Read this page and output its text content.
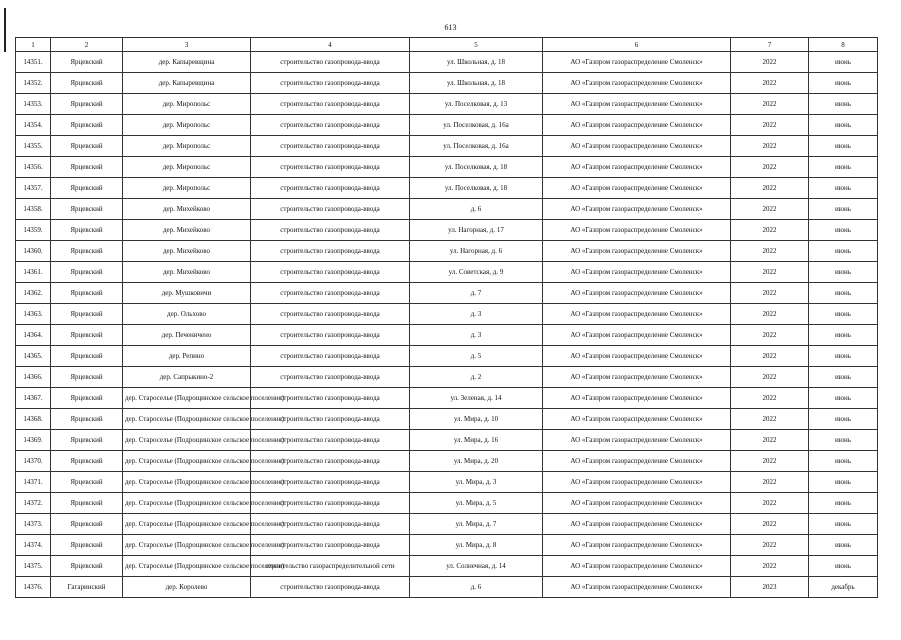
613
1	2	3	4	5	6	7	8
14351.	Ярцевский	дер. Капыревщина	строительство газопровода-ввода	ул. Школьная, д. 18	АО «Газпром газораспределение Смоленск»	2022	июнь
14352.	Ярцевский	дер. Капыревщина	строительство газопровода-ввода	ул. Школьная, д. 18	АО «Газпром газораспределение Смоленск»	2022	июнь
14353.	Ярцевский	дер. Миропольс	строительство газопровода-ввода	ул. Поселковая, д. 13	АО «Газпром газораспределение Смоленск»	2022	июнь
14354.	Ярцевский	дер. Миропольс	строительство газопровода-ввода	ул. Поселковая, д. 16а	АО «Газпром газораспределение Смоленск»	2022	июнь
14355.	Ярцевский	дер. Миропольс	строительство газопровода-ввода	ул. Поселковая, д. 16а	АО «Газпром газораспределение Смоленск»	2022	июнь
14356.	Ярцевский	дер. Миропольс	строительство газопровода-ввода	ул. Поселковая, д. 18	АО «Газпром газораспределение Смоленск»	2022	июнь
14357.	Ярцевский	дер. Миропольс	строительство газопровода-ввода	ул. Поселковая, д. 18	АО «Газпром газораспределение Смоленск»	2022	июнь
14358.	Ярцевский	дер. Михейково	строительство газопровода-ввода	д. 6	АО «Газпром газораспределение Смоленск»	2022	июнь
14359.	Ярцевский	дер. Михейково	строительство газопровода-ввода	ул. Нагорная, д. 17	АО «Газпром газораспределение Смоленск»	2022	июнь
14360.	Ярцевский	дер. Михейково	строительство газопровода-ввода	ул. Нагорная, д. 6	АО «Газпром газораспределение Смоленск»	2022	июнь
14361.	Ярцевский	дер. Михейково	строительство газопровода-ввода	ул. Советская, д. 9	АО «Газпром газораспределение Смоленск»	2022	июнь
14362.	Ярцевский	дер. Мушковичи	строительство газопровода-ввода	д. 7	АО «Газпром газораспределение Смоленск»	2022	июнь
14363.	Ярцевский	дер. Ольхово	строительство газопровода-ввода	д. 3	АО «Газпром газораспределение Смоленск»	2022	июнь
14364.	Ярцевский	дер. Печеничено	строительство газопровода-ввода	д. 3	АО «Газпром газораспределение Смоленск»	2022	июнь
14365.	Ярцевский	дер. Репино	строительство газопровода-ввода	д. 5	АО «Газпром газораспределение Смоленск»	2022	июнь
14366.	Ярцевский	дер. Сапрыкино-2	строительство газопровода-ввода	д. 2	АО «Газпром газораспределение Смоленск»	2022	июнь
14367.	Ярцевский	дер. Староселье (Подрощинское сельское поселение)	строительство газопровода-ввода	ул. Зеленая, д. 14	АО «Газпром газораспределение Смоленск»	2022	июнь
14368.	Ярцевский	дер. Староселье (Подрощинское сельское поселение)	строительство газопровода-ввода	ул. Мира, д. 10	АО «Газпром газораспределение Смоленск»	2022	июнь
14369.	Ярцевский	дер. Староселье (Подрощинское сельское поселение)	строительство газопровода-ввода	ул. Мира, д. 16	АО «Газпром газораспределение Смоленск»	2022	июнь
14370.	Ярцевский	дер. Староселье (Подрощинское сельское поселение)	строительство газопровода-ввода	ул. Мира, д. 20	АО «Газпром газораспределение Смоленск»	2022	июнь
14371.	Ярцевский	дер. Староселье (Подрощинское сельское поселение)	строительство газопровода-ввода	ул. Мира, д. 3	АО «Газпром газораспределение Смоленск»	2022	июнь
14372.	Ярцевский	дер. Староселье (Подрощинское сельское поселение)	строительство газопровода-ввода	ул. Мира, д. 5	АО «Газпром газораспределение Смоленск»	2022	июнь
14373.	Ярцевский	дер. Староселье (Подрощинское сельское поселение)	строительство газопровода-ввода	ул. Мира, д. 7	АО «Газпром газораспределение Смоленск»	2022	июнь
14374.	Ярцевский	дер. Староселье (Подрощинское сельское поселение)	строительство газопровода-ввода	ул. Мира, д. 8	АО «Газпром газораспределение Смоленск»	2022	июнь
14375.	Ярцевский	дер. Староселье (Подрощинское сельское поселение)	строительство газораспределительной сети	ул. Солнечная, д. 14	АО «Газпром газораспределение Смоленск»	2022	июнь
14376.	Гагаринский	дер. Королево	строительство газопровода-ввода	д. 6	АО «Газпром газораспределение Смоленск»	2023	декабрь
